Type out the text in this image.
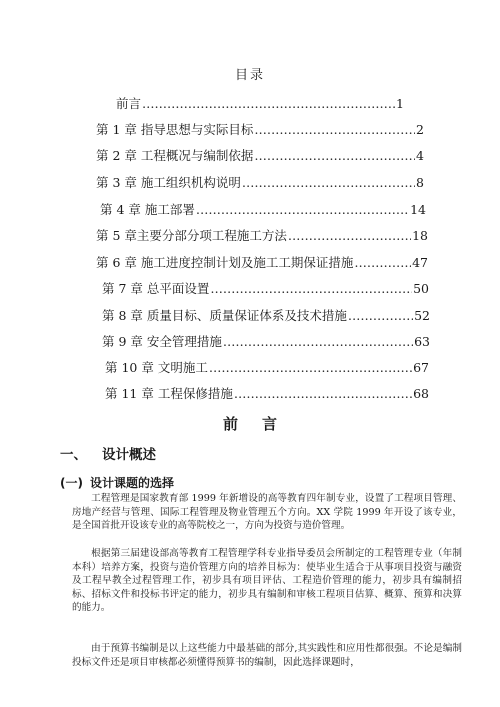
目录
前言 ……………………………………………………………………………………………………………………………………	1
第 1 章 指导思想与实际目标 ……………………………………………………………………………………………………………………………………	2
第 2 章 工程概况与编制依据 ……………………………………………………………………………………………………………………………………	4
第 3 章 施工组织机构说明 ……………………………………………………………………………………………………………………………………	8
第 4 章 施工部署 ……………………………………………………………………………………………………………………………………	14
第 5 章主要分部分项工程施工方法 ……………………………………………………………………………………………………………………………………	18
第 6 章 施工进度控制计划及施工工期保证措施 ……………………………………………………………………………………………………………………………………	47
第 7 章 总平面设置 ……………………………………………………………………………………………………………………………………	50
第 8 章 质量目标、质量保证体系及技术措施 ……………………………………………………………………………………………………………………………………	52
第 9 章 安全管理措施 ……………………………………………………………………………………………………………………………………	63
第 10 章 文明施工 ……………………………………………………………………………………………………………………………………	67
第 11 章 工程保修措施 ……………………………………………………………………………………………………………………………………	68
前言
一、 设计概述
(一) 设计课题的选择
工程管理是国家教育部 1999 年新增设的高等教育四年制专业，设置了工程项目管理、房地产经营与管理、国际工程管理及物业管理五个方向。XX 学院 1999 年开设了该专业，是全国首批开设该专业的高等院校之一，方向为投资与造价管理。
根据第三届建设部高等教育工程管理学科专业指导委员会所制定的工程管理专业（年制本科）培养方案，投资与造价管理方向的培养目标为：使毕业生适合于从事项目投资与融资及工程早教全过程管理工作，初步具有项目评估、工程造价管理的能力，初步具有编制招标、招标文件和投标书评定的能力，初步具有编制和审核工程项目估算、概算、预算和决算的能力。
由于预算书编制是以上这些能力中最基础的部分,其实践性和应用性都很强。不论是编制投标文件还是项目审核都必须懂得预算书的编制，因此选择课题时，
